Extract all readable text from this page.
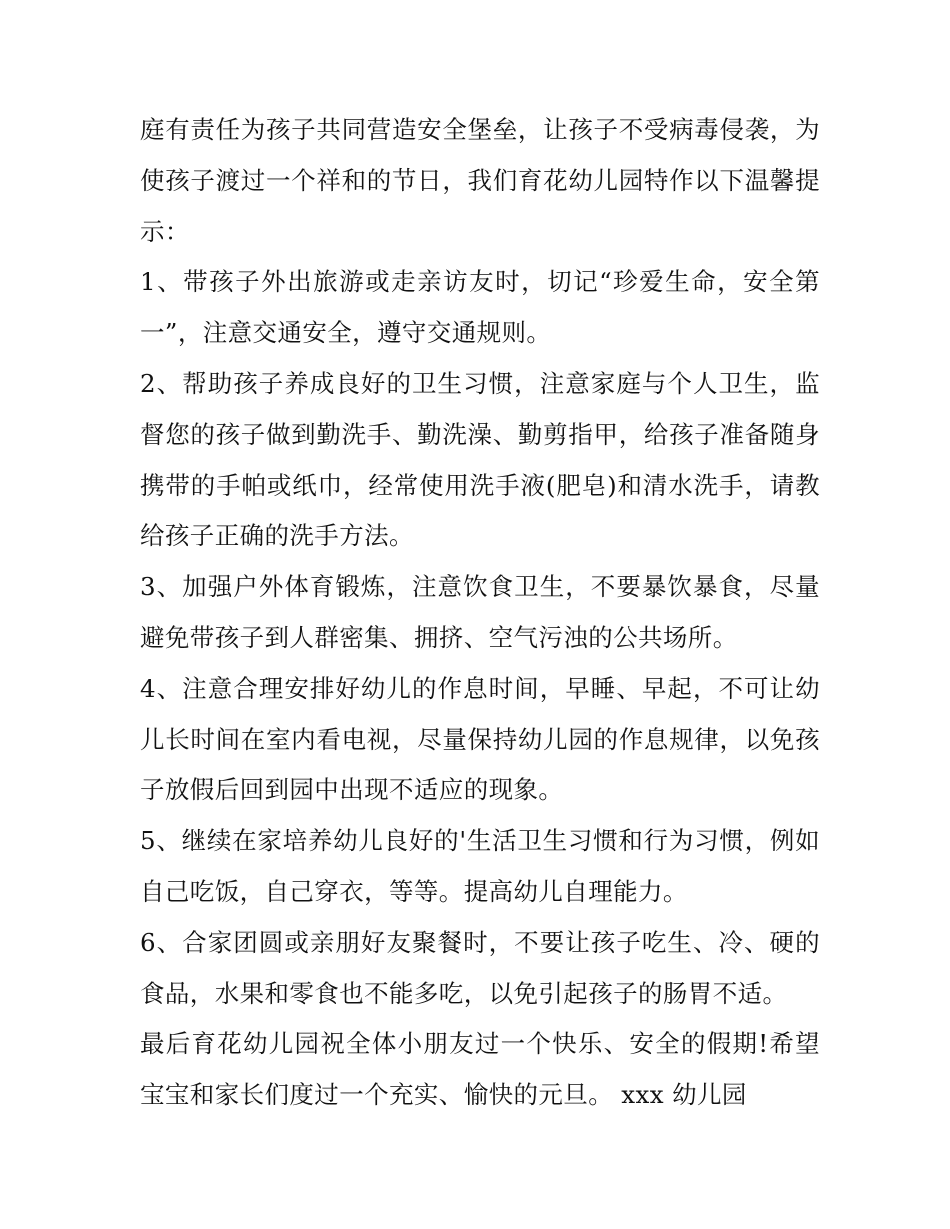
庭有责任为孩子共同营造安全堡垒，让孩子不受病毒侵袭，为使孩子渡过一个祥和的节日，我们育花幼儿园特作以下温馨提示：

1、带孩子外出旅游或走亲访友时，切记“珍爱生命，安全第一”，注意交通安全，遵守交通规则。

2、帮助孩子养成良好的卫生习惯，注意家庭与个人卫生，监督您的孩子做到勤洗手、勤洗澡、勤剪指甲，给孩子准备随身携带的手帕或纸巾，经常使用洗手液(肥皂)和清水洗手，请教给孩子正确的洗手方法。

3、加强户外体育锻炼，注意饮食卫生，不要暴饮暴食，尽量避免带孩子到人群密集、拥挤、空气污浊的公共场所。

4、注意合理安排好幼儿的作息时间，早睡、早起，不可让幼儿长时间在室内看电视，尽量保持幼儿园的作息规律，以免孩子放假后回到园中出现不适应的现象。

5、继续在家培养幼儿良好的'生活卫生习惯和行为习惯，例如自己吃饭，自己穿衣，等等。提高幼儿自理能力。

6、合家团圆或亲朋好友聚餐时，不要让孩子吃生、冷、硬的食品，水果和零食也不能多吃，以免引起孩子的肠胃不适。

最后育花幼儿园祝全体小朋友过一个快乐、安全的假期!希望宝宝和家长们度过一个充实、愉快的元旦。 xxx 幼儿园
